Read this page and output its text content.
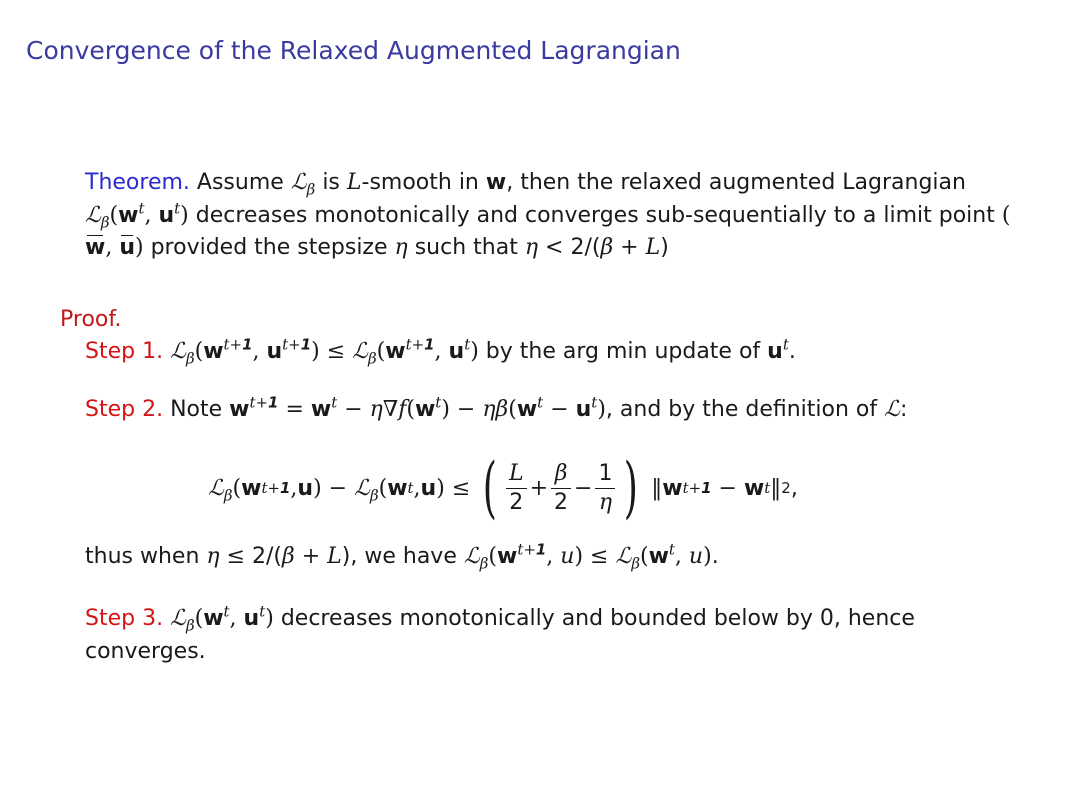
Convergence of the Relaxed Augmented Lagrangian
Theorem. Assume ℒ$_\beta$ is L-smooth in w, then the relaxed augmented Lagrangian $ℒ_\beta(w^t$, $u^t$) decreases monotonically and converges sub-sequentially to a limit point (w, u) provided the stepsize η such that η < 2/(β + L)
Proof.
Step 1. $ℒ_\beta(w^{t+1}$, $u^{t+1}$) ≤ $ℒ_\beta(w^{t+1}$, $u^t$) by the arg min update of $u^t$.
Step 2. Note $w^{t+1} = w^t - \eta\nabla f(w^t) - \eta\beta(w^t - u^t)$, and by the definition of ℒ:
ℒ$_\beta$ ( w t+1 , u )
−
ℒ$_\beta$ ( w t , u )
≤
( $\frac{L}{2} + \frac{\beta}{2} - \frac{1}{\eta}$ )
‖ w t+1
−
w t ‖ 2 ,
thus when η ≤ 2/(β + L), we have $ℒ_\beta(w^{t+1}$, $u) \le ℒ_\beta(w^t$, u).
Step 3. $ℒ_\beta(w^t$, $u^t$) decreases monotonically and bounded below by 0, hence converges.
